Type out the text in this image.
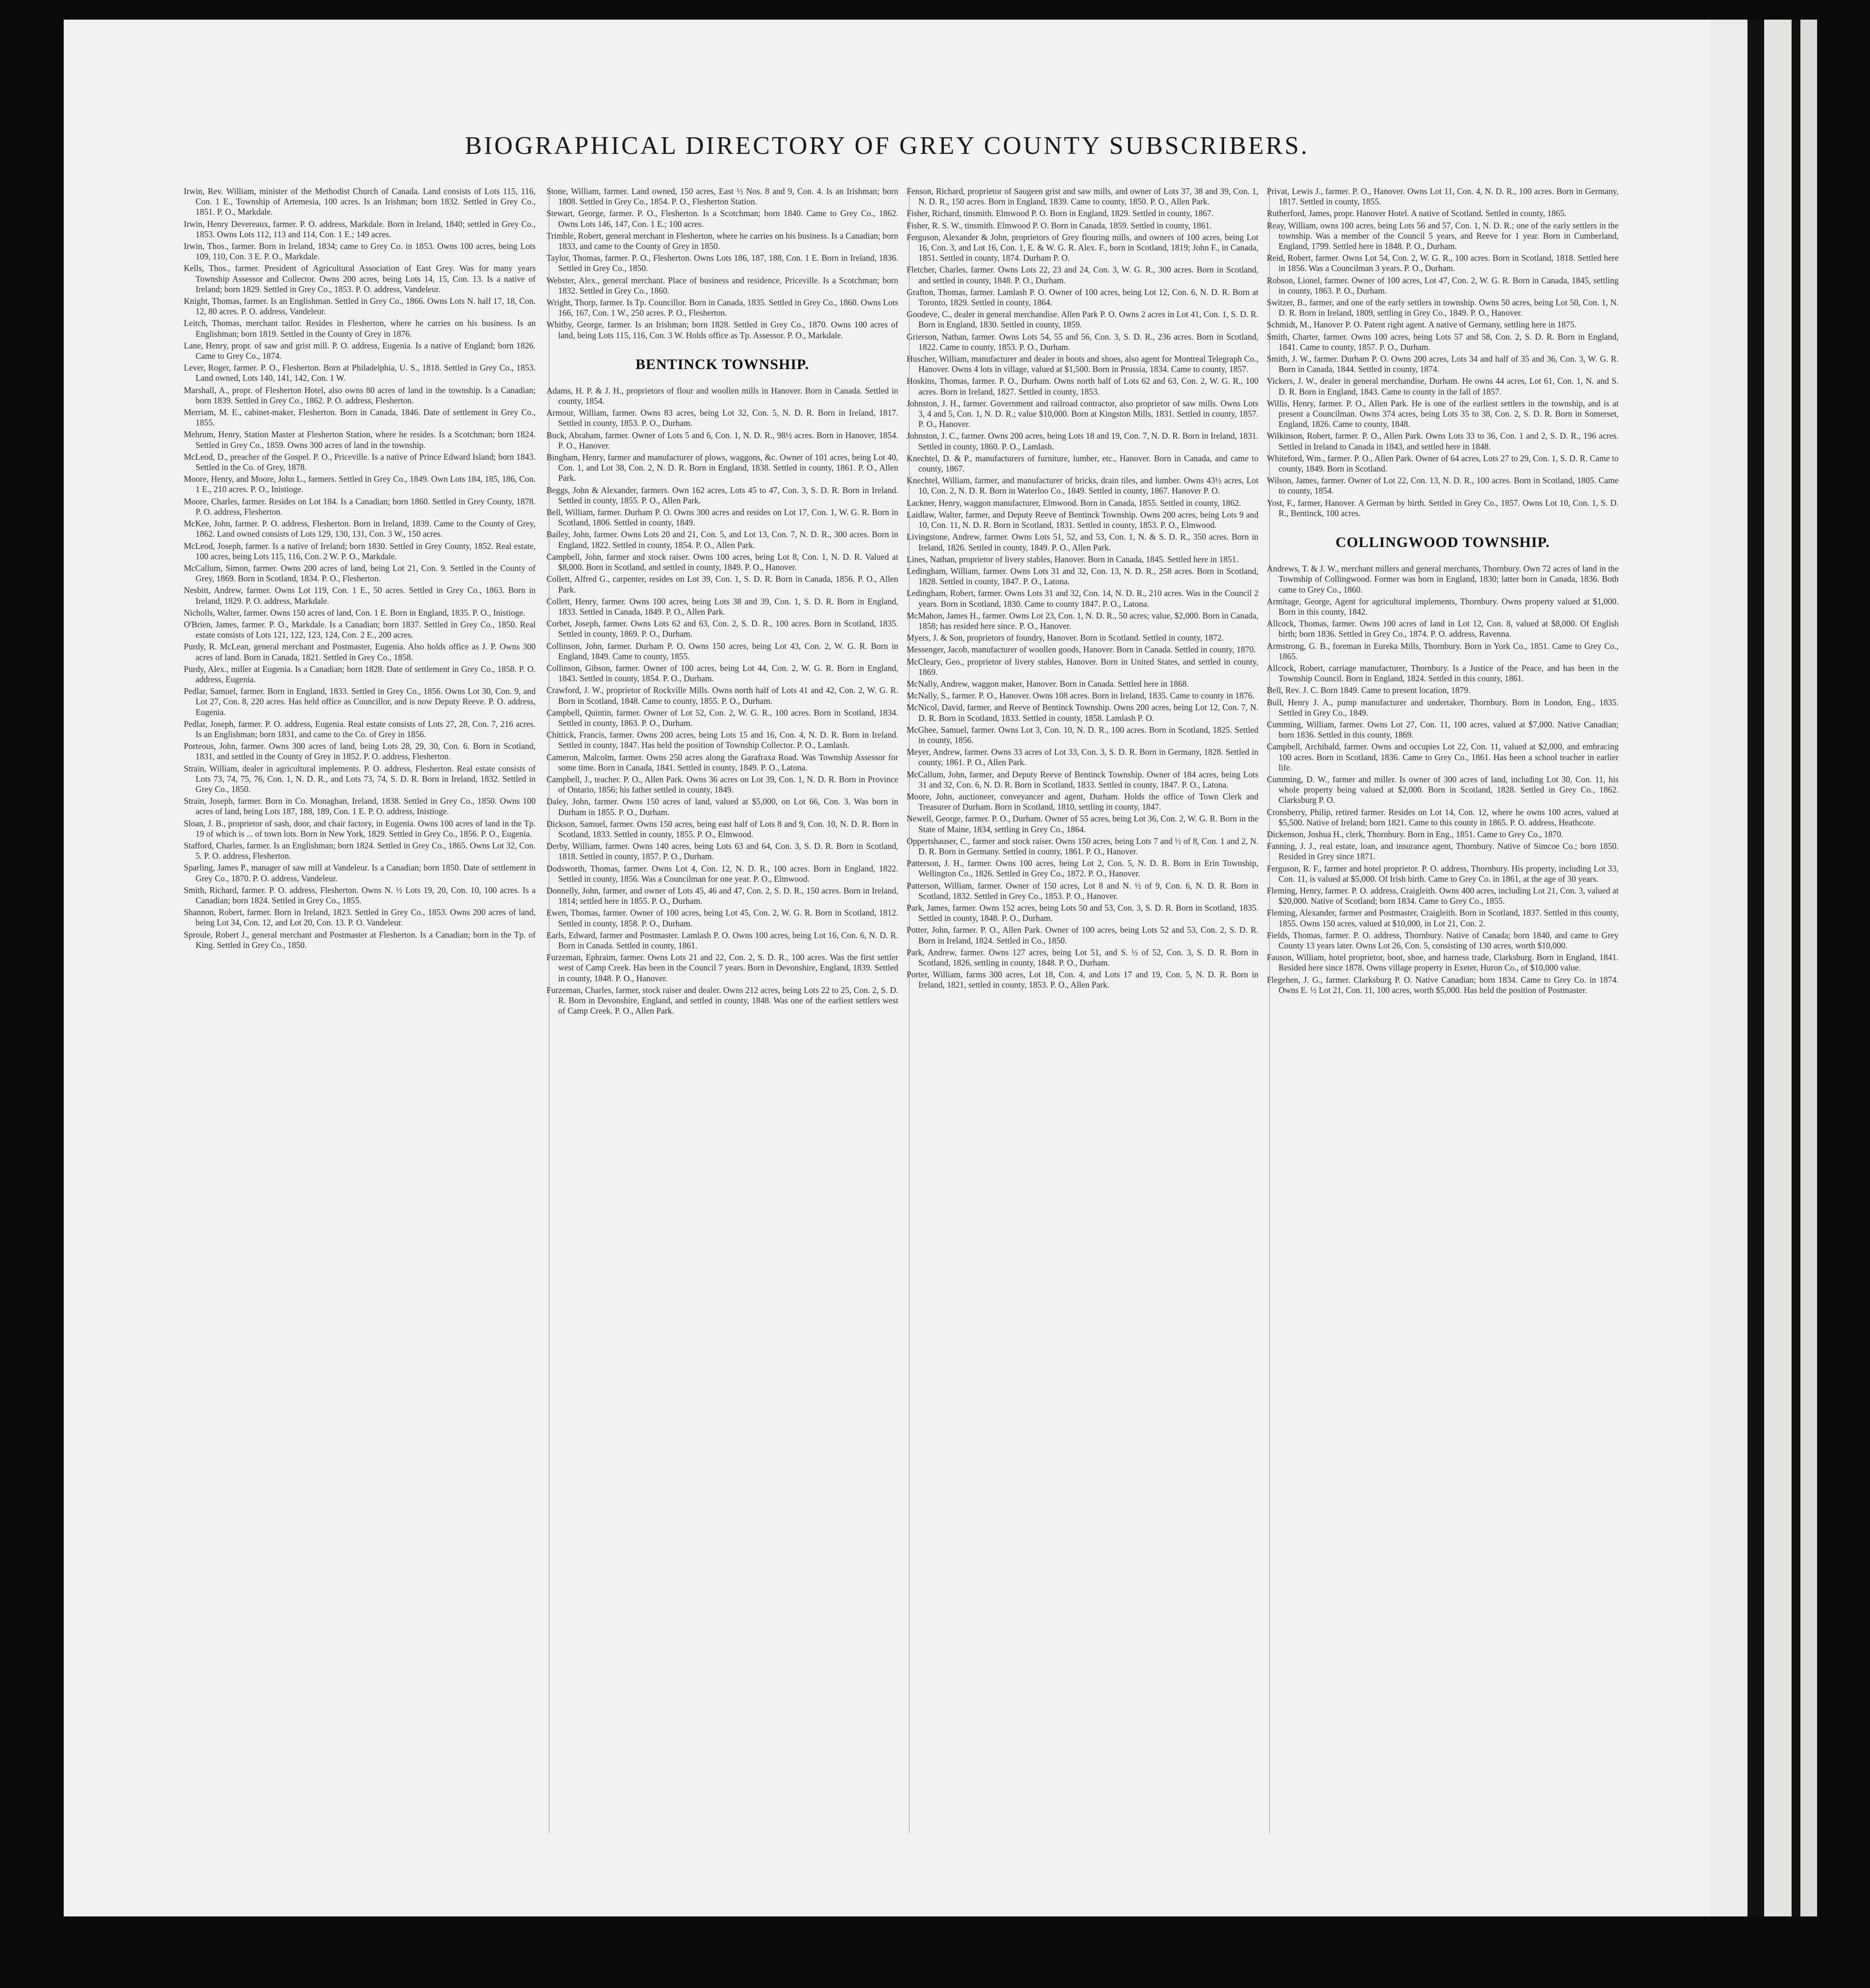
BIOGRAPHICAL DIRECTORY OF GREY COUNTY SUBSCRIBERS.

Irwin, Rev. William, minister of the Methodist Church of Canada. Land consists of Lots 115, 116, Con. 1 E., Township of Artemesia, 100 acres. Is an Irishman; born 1832. Settled in Grey Co., 1851. P. O., Markdale.

Irwin, Henry Devereaux, farmer. P. O. address, Markdale. Born in Ireland, 1840; settled in Grey Co., 1853. Owns Lots 112, 113 and 114, Con. 1 E.; 149 acres.

Irwin, Thos., farmer. Born in Ireland, 1834; came to Grey Co. in 1853. Owns 100 acres, being Lots 109, 110, Con. 3 E. P. O., Markdale.

Kells, Thos., farmer. President of Agricultural Association of East Grey. Was for many years Township Assessor and Collector. Owns 200 acres, being Lots 14, 15, Con. 13. Is a native of Ireland; born 1829. Settled in Grey Co., 1853. P. O. address, Vandeleur.

Knight, Thomas, farmer. Is an Englishman. Settled in Grey Co., 1866. Owns Lots N. half 17, 18, Con. 12, 80 acres. P. O. address, Vandeleur.

Leitch, Thomas, merchant tailor. Resides in Flesherton, where he carries on his business. Is an Englishman; born 1819. Settled in the County of Grey in 1876.

Lane, Henry, propr. of saw and grist mill. P. O. address, Eugenia. Is a native of England; born 1826. Came to Grey Co., 1874.

Lever, Roger, farmer. P. O., Flesherton. Born at Philadelphia, U. S., 1818. Settled in Grey Co., 1853. Land owned, Lots 140, 141, 142, Con. 1 W.

Marshall, A., propr. of Flesherton Hotel, also owns 80 acres of land in the township. Is a Canadian; born 1839. Settled in Grey Co., 1862. P. O. address, Flesherton.

Merriam, M. E., cabinet-maker, Flesherton. Born in Canada, 1846. Date of settlement in Grey Co., 1855.

Mehrum, Henry, Station Master at Flesherton Station, where he resides. Is a Scotchman; born 1824. Settled in Grey Co., 1859. Owns 300 acres of land in the township.

McLeod, D., preacher of the Gospel. P. O., Priceville. Is a native of Prince Edward Island; born 1843. Settled in the Co. of Grey, 1878.

Moore, Henry, and Moore, John L., farmers. Settled in Grey Co., 1849. Own Lots 184, 185, 186, Con. 1 E., 210 acres. P. O., Inistioge.

Moore, Charles, farmer. Resides on Lot 184. Is a Canadian; born 1860. Settled in Grey County, 1878. P. O. address, Flesherton.

McKee, John, farmer. P. O. address, Flesherton. Born in Ireland, 1839. Came to the County of Grey, 1862. Land owned consists of Lots 129, 130, 131, Con. 3 W., 150 acres.

McLeod, Joseph, farmer. Is a native of Ireland; born 1830. Settled in Grey County, 1852. Real estate, 100 acres, being Lots 115, 116, Con. 2 W. P. O., Markdale.

McCallum, Simon, farmer. Owns 200 acres of land, being Lot 21, Con. 9. Settled in the County of Grey, 1869. Born in Scotland, 1834. P. O., Flesherton.

Nesbitt, Andrew, farmer. Owns Lot 119, Con. 1 E., 50 acres. Settled in Grey Co., 1863. Born in Ireland, 1829. P. O. address, Markdale.

Nicholls, Walter, farmer. Owns 150 acres of land, Con. 1 E. Born in England, 1835. P. O., Inistioge.

O'Brien, James, farmer. P. O., Markdale. Is a Canadian; born 1837. Settled in Grey Co., 1850. Real estate consists of Lots 121, 122, 123, 124, Con. 2 E., 200 acres.

Purdy, R. McLean, general merchant and Postmaster, Eugenia. Also holds office as J. P. Owns 300 acres of land. Born in Canada, 1821. Settled in Grey Co., 1858.

Purdy, Alex., miller at Eugenia. Is a Canadian; born 1828. Date of settlement in Grey Co., 1858. P. O. address, Eugenia.

Pedlar, Samuel, farmer. Born in England, 1833. Settled in Grey Co., 1856. Owns Lot 30, Con. 9, and Lot 27, Con. 8, 220 acres. Has held office as Councillor, and is now Deputy Reeve. P. O. address, Eugenia.

Pedlar, Joseph, farmer. P. O. address, Eugenia. Real estate consists of Lots 27, 28, Con. 7, 216 acres. Is an Englishman; born 1831, and came to the Co. of Grey in 1856.

Porteous, John, farmer. Owns 300 acres of land, being Lots 28, 29, 30, Con. 6. Born in Scotland, 1831, and settled in the County of Grey in 1852. P. O. address, Flesherton.

Strain, William, dealer in agricultural implements. P. O. address, Flesherton. Real estate consists of Lots 73, 74, 75, 76, Con. 1, N. D. R., and Lots 73, 74, S. D. R. Born in Ireland, 1832. Settled in Grey Co., 1850.

Strain, Joseph, farmer. Born in Co. Monaghan, Ireland, 1838. Settled in Grey Co., 1850. Owns 100 acres of land, being Lots 187, 188, 189, Con. 1 E. P. O. address, Inistioge.

Sloan, J. B., proprietor of sash, door, and chair factory, in Eugenia. Owns 100 acres of land in the Tp. 19 of which is ... of town lots. Born in New York, 1829. Settled in Grey Co., 1856. P. O., Eugenia.

Stafford, Charles, farmer. Is an Englishman; born 1824. Settled in Grey Co., 1865. Owns Lot 32, Con. 5. P. O. address, Flesherton.

Sparling, James P., manager of saw mill at Vandeleur. Is a Canadian; born 1850. Date of settlement in Grey Co., 1870. P. O. address, Vandeleur.

Smith, Richard, farmer. P. O. address, Flesherton. Owns N. ½ Lots 19, 20, Con. 10, 100 acres. Is a Canadian; born 1824. Settled in Grey Co., 1855.

Shannon, Robert, farmer. Born in Ireland, 1823. Settled in Grey Co., 1853. Owns 200 acres of land, being Lot 34, Con. 12, and Lot 20, Con. 13. P. O. Vandeleur.

Sproule, Robert J., general merchant and Postmaster at Flesherton. Is a Canadian; born in the Tp. of King. Settled in Grey Co., 1850.

Stone, William, farmer. Land owned, 150 acres, East ½ Nos. 8 and 9, Con. 4. Is an Irishman; born 1808. Settled in Grey Co., 1854. P. O., Flesherton Station.

Stewart, George, farmer. P. O., Flesherton. Is a Scotchman; born 1840. Came to Grey Co., 1862. Owns Lots 146, 147, Con. 1 E.; 100 acres.

Trimble, Robert, general merchant in Flesherton, where he carries on his business. Is a Canadian; born 1833, and came to the County of Grey in 1850.

Taylor, Thomas, farmer. P. O., Flesherton. Owns Lots 186, 187, 188, Con. 1 E. Born in Ireland, 1836. Settled in Grey Co., 1850.

Webster, Alex., general merchant. Place of business and residence, Priceville. Is a Scotchman; born 1832. Settled in Grey Co., 1860.

Wright, Thorp, farmer. Is Tp. Councillor. Born in Canada, 1835. Settled in Grey Co., 1860. Owns Lots 166, 167, Con. 1 W., 250 acres. P. O., Flesherton.

Whitby, George, farmer. Is an Irishman; born 1828. Settled in Grey Co., 1870. Owns 100 acres of land, being Lots 115, 116, Con. 3 W. Holds office as Tp. Assessor. P. O., Markdale.

BENTINCK TOWNSHIP.

Adams, H. P. & J. H., proprietors of flour and woollen mills in Hanover. Born in Canada. Settled in county, 1854.

Armour, William, farmer. Owns 83 acres, being Lot 32, Con. 5, N. D. R. Born in Ireland, 1817. Settled in county, 1853. P. O., Durham.

Buck, Abraham, farmer. Owner of Lots 5 and 6, Con. 1, N. D. R., 98½ acres. Born in Hanover, 1854. P. O., Hanover.

Bingham, Henry, farmer and manufacturer of plows, waggons, &c. Owner of 101 acres, being Lot 40, Con. 1, and Lot 38, Con. 2, N. D. R. Born in England, 1838. Settled in county, 1861. P. O., Allen Park.

Beggs, John & Alexander, farmers. Own 162 acres, Lots 45 to 47, Con. 3, S. D. R. Born in Ireland. Settled in county, 1855. P. O., Allen Park.

Bell, William, farmer. Durham P. O. Owns 300 acres and resides on Lot 17, Con. 1, W. G. R. Born in Scotland, 1806. Settled in county, 1849.

Bailey, John, farmer. Owns Lots 20 and 21, Con. 5, and Lot 13, Con. 7, N. D. R., 300 acres. Born in England, 1822. Settled in county, 1854. P. O., Allen Park.

Campbell, John, farmer and stock raiser. Owns 100 acres, being Lot 8, Con. 1, N. D. R. Valued at $8,000. Born in Scotland, and settled in county, 1849. P. O., Hanover.

Collett, Alfred G., carpenter, resides on Lot 39, Con. 1, S. D. R. Born in Canada, 1856. P. O., Allen Park.

Collett, Henry, farmer. Owns 100 acres, being Lots 38 and 39, Con. 1, S. D. R. Born in England, 1833. Settled in Canada, 1849. P. O., Allen Park.

Corbet, Joseph, farmer. Owns Lots 62 and 63, Con. 2, S. D. R., 100 acres. Born in Scotland, 1835. Settled in county, 1869. P. O., Durham.

Collinson, John, farmer. Durham P. O. Owns 150 acres, being Lot 43, Con. 2, W. G. R. Born in England, 1849. Came to county, 1855.

Collinson, Gibson, farmer. Owner of 100 acres, being Lot 44, Con. 2, W. G. R. Born in England, 1843. Settled in county, 1854. P. O., Durham.

Crawford, J. W., proprietor of Rockville Mills. Owns north half of Lots 41 and 42, Con. 2, W. G. R. Born in Scotland, 1848. Came to county, 1855. P. O., Durham.

Campbell, Quintin, farmer. Owner of Lot 52, Con. 2, W. G. R., 100 acres. Born in Scotland, 1834. Settled in county, 1863. P. O., Durham.

Chittick, Francis, farmer. Owns 200 acres, being Lots 15 and 16, Con. 4, N. D. R. Born in Ireland. Settled in county, 1847. Has held the position of Township Collector. P. O., Lamlash.

Cameron, Malcolm, farmer. Owns 250 acres along the Garafraxa Road. Was Township Assessor for some time. Born in Canada, 1841. Settled in county, 1849. P. O., Latona.

Campbell, J., teacher. P. O., Allen Park. Owns 36 acres on Lot 39, Con. 1, N. D. R. Born in Province of Ontario, 1856; his father settled in county, 1849.

Daley, John, farmer. Owns 150 acres of land, valued at $5,000, on Lot 66, Con. 3. Was born in Durham in 1855. P. O., Durham.

Dickson, Samuel, farmer. Owns 150 acres, being east half of Lots 8 and 9, Con. 10, N. D. R. Born in Scotland, 1833. Settled in county, 1855. P. O., Elmwood.

Derby, William, farmer. Owns 140 acres, being Lots 63 and 64, Con. 3, S. D. R. Born in Scotland, 1818. Settled in county, 1857. P. O., Durham.

Dodsworth, Thomas, farmer. Owns Lot 4, Con. 12, N. D. R., 100 acres. Born in England, 1822. Settled in county, 1856. Was a Councilman for one year. P. O., Elmwood.

Donnelly, John, farmer, and owner of Lots 45, 46 and 47, Con. 2, S. D. R., 150 acres. Born in Ireland, 1814; settled here in 1855. P. O., Durham.

Ewen, Thomas, farmer. Owner of 100 acres, being Lot 45, Con. 2, W. G. R. Born in Scotland, 1812. Settled in county, 1858. P. O., Durham.

Earls, Edward, farmer and Postmaster. Lamlash P. O. Owns 100 acres, being Lot 16, Con. 6, N. D. R. Born in Canada. Settled in county, 1861.

Furzeman, Ephraim, farmer. Owns Lots 21 and 22, Con. 2, S. D. R., 100 acres. Was the first settler west of Camp Creek. Has been in the Council 7 years. Born in Devonshire, England, 1839. Settled in county, 1848. P. O., Hanover.

Furzeman, Charles, farmer, stock raiser and dealer. Owns 212 acres, being Lots 22 to 25, Con. 2, S. D. R. Born in Devonshire, England, and settled in county, 1848. Was one of the earliest settlers west of Camp Creek. P. O., Allen Park.

Fenson, Richard, proprietor of Saugeen grist and saw mills, and owner of Lots 37, 38 and 39, Con. 1, N. D. R., 150 acres. Born in England, 1839. Came to county, 1850. P. O., Allen Park.

Fisher, Richard, tinsmith. Elmwood P. O. Born in England, 1829. Settled in county, 1867.

Fisher, R. S. W., tinsmith. Elmwood P. O. Born in Canada, 1859. Settled in county, 1861.

Ferguson, Alexander & John, proprietors of Grey flouring mills, and owners of 100 acres, being Lot 16, Con. 3, and Lot 16, Con. 1, E. & W. G. R. Alex. F., born in Scotland, 1819; John F., in Canada, 1851. Settled in county, 1874. Durham P. O.

Fletcher, Charles, farmer. Owns Lots 22, 23 and 24, Con. 3, W. G. R., 300 acres. Born in Scotland, and settled in county, 1848. P. O., Durham.

Grafton, Thomas, farmer. Lamlash P. O. Owner of 100 acres, being Lot 12, Con. 6, N. D. R. Born at Toronto, 1829. Settled in county, 1864.

Goodeve, C., dealer in general merchandise. Allen Park P. O. Owns 2 acres in Lot 41, Con. 1, S. D. R. Born in England, 1830. Settled in county, 1859.

Grierson, Nathan, farmer. Owns Lots 54, 55 and 56, Con. 3, S. D. R., 236 acres. Born in Scotland, 1822. Came to county, 1853. P. O., Durham.

Huscher, William, manufacturer and dealer in boots and shoes, also agent for Montreal Telegraph Co., Hanover. Owns 4 lots in village, valued at $1,500. Born in Prussia, 1834. Came to county, 1857.

Hoskins, Thomas, farmer. P. O., Durham. Owns north half of Lots 62 and 63, Con. 2, W. G. R., 100 acres. Born in Ireland, 1827. Settled in county, 1853.

Johnston, J. H., farmer. Government and railroad contractor, also proprietor of saw mills. Owns Lots 3, 4 and 5, Con. 1, N. D. R.; value $10,000. Born at Kingston Mills, 1831. Settled in county, 1857. P. O., Hanover.

Johnston, J. C., farmer. Owns 200 acres, being Lots 18 and 19, Con. 7, N. D. R. Born in Ireland, 1831. Settled in county, 1860. P. O., Lamlash.

Knechtel, D. & P., manufacturers of furniture, lumber, etc., Hanover. Born in Canada, and came to county, 1867.

Knechtel, William, farmer, and manufacturer of bricks, drain tiles, and lumber. Owns 43½ acres, Lot 10, Con. 2, N. D. R. Born in Waterloo Co., 1849. Settled in county, 1867. Hanover P. O.

Lackner, Henry, waggon manufacturer, Elmwood. Born in Canada, 1855. Settled in county, 1862.

Laidlaw, Walter, farmer, and Deputy Reeve of Bentinck Township. Owns 200 acres, being Lots 9 and 10, Con. 11, N. D. R. Born in Scotland, 1831. Settled in county, 1853. P. O., Elmwood.

Livingstone, Andrew, farmer. Owns Lots 51, 52, and 53, Con. 1, N. & S. D. R., 350 acres. Born in Ireland, 1826. Settled in county, 1849. P. O., Allen Park.

Lines, Nathan, proprietor of livery stables, Hanover. Born in Canada, 1845. Settled here in 1851.

Ledingham, William, farmer. Owns Lots 31 and 32, Con. 13, N. D. R., 258 acres. Born in Scotland, 1828. Settled in county, 1847. P. O., Latona.

Ledingham, Robert, farmer. Owns Lots 31 and 32, Con. 14, N. D. R., 210 acres. Was in the Council 2 years. Born in Scotland, 1830. Came to county 1847. P. O., Latona.

McMahon, James H., farmer. Owns Lot 23, Con. 1, N. D. R., 50 acres; value, $2,000. Born in Canada, 1858; has resided here since. P. O., Hanover.

Myers, J. & Son, proprietors of foundry, Hanover. Born in Scotland. Settled in county, 1872.

Messenger, Jacob, manufacturer of woollen goods, Hanover. Born in Canada. Settled in county, 1870.

McCleary, Geo., proprietor of livery stables, Hanover. Born in United States, and settled in county, 1869.

McNally, Andrew, waggon maker, Hanover. Born in Canada. Settled here in 1868.

McNally, S., farmer. P. O., Hanover. Owns 108 acres. Born in Ireland, 1835. Came to county in 1876.

McNicol, David, farmer, and Reeve of Bentinck Township. Owns 200 acres, being Lot 12, Con. 7, N. D. R. Born in Scotland, 1833. Settled in county, 1858. Lamlash P. O.

McGhee, Samuel, farmer. Owns Lot 3, Con. 10, N. D. R., 100 acres. Born in Scotland, 1825. Settled in county, 1856.

Meyer, Andrew, farmer. Owns 33 acres of Lot 33, Con. 3, S. D. R. Born in Germany, 1828. Settled in county, 1861. P. O., Allen Park.

McCallum, John, farmer, and Deputy Reeve of Bentinck Township. Owner of 184 acres, being Lots 31 and 32, Con. 6, N. D. R. Born in Scotland, 1833. Settled in county, 1847. P. O., Latona.

Moore, John, auctioneer, conveyancer and agent, Durham. Holds the office of Town Clerk and Treasurer of Durham. Born in Scotland, 1810, settling in county, 1847.

Newell, George, farmer. P. O., Durham. Owner of 55 acres, being Lot 36, Con. 2, W. G. R. Born in the State of Maine, 1834, settling in Grey Co., 1864.

Oppertshauser, C., farmer and stock raiser. Owns 150 acres, being Lots 7 and ½ of 8, Con. 1 and 2, N. D. R. Born in Germany. Settled in county, 1861. P. O., Hanover.

Patterson, J. H., farmer. Owns 100 acres, being Lot 2, Con. 5, N. D. R. Born in Erin Township, Wellington Co., 1826. Settled in Grey Co., 1872. P. O., Hanover.

Patterson, William, farmer. Owner of 150 acres, Lot 8 and N. ½ of 9, Con. 6, N. D. R. Born in Scotland, 1832. Settled in Grey Co., 1853. P. O., Hanover.

Park, James, farmer. Owns 152 acres, being Lots 50 and 53, Con. 3, S. D. R. Born in Scotland, 1835. Settled in county, 1848. P. O., Durham.

Potter, John, farmer. P. O., Allen Park. Owner of 100 acres, being Lots 52 and 53, Con. 2, S. D. R. Born in Ireland, 1824. Settled in Co., 1850.

Park, Andrew, farmer. Owns 127 acres, being Lot 51, and S. ½ of 52, Con. 3, S. D. R. Born in Scotland, 1826, settling in county, 1848. P. O., Durham.

Porter, William, farms 300 acres, Lot 18, Con. 4, and Lots 17 and 19, Con. 5, N. D. R. Born in Ireland, 1821, settled in county, 1853. P. O., Allen Park.

Privat, Lewis J., farmer. P. O., Hanover. Owns Lot 11, Con. 4, N. D. R., 100 acres. Born in Germany, 1817. Settled in county, 1855.

Rutherford, James, propr. Hanover Hotel. A native of Scotland. Settled in county, 1865.

Reay, William, owns 100 acres, being Lots 56 and 57, Con. 1, N. D. R.; one of the early settlers in the township. Was a member of the Council 5 years, and Reeve for 1 year. Born in Cumberland, England, 1799. Settled here in 1848. P. O., Durham.

Reid, Robert, farmer. Owns Lot 54, Con. 2, W. G. R., 100 acres. Born in Scotland, 1818. Settled here in 1856. Was a Councilman 3 years. P. O., Durham.

Robson, Lionel, farmer. Owner of 100 acres, Lot 47, Con. 2, W. G. R. Born in Canada, 1845, settling in county, 1863. P. O., Durham.

Switzer, B., farmer, and one of the early settlers in township. Owns 50 acres, being Lot 50, Con. 1, N. D. R. Born in Ireland, 1809, settling in Grey Co., 1849. P. O., Hanover.

Schmidt, M., Hanover P. O. Patent right agent. A native of Germany, settling here in 1875.

Smith, Charter, farmer. Owns 100 acres, being Lots 57 and 58, Con. 2, S. D. R. Born in England, 1841. Came to county, 1857. P. O., Durham.

Smith, J. W., farmer. Durham P. O. Owns 200 acres, Lots 34 and half of 35 and 36, Con. 3, W. G. R. Born in Canada, 1844. Settled in county, 1874.

Vickers, J. W., dealer in general merchandise, Durham. He owns 44 acres, Lot 61, Con. 1, N. and S. D. R. Born in England, 1843. Came to county in the fall of 1857.

Willis, Henry, farmer. P. O., Allen Park. He is one of the earliest settlers in the township, and is at present a Councilman. Owns 374 acres, being Lots 35 to 38, Con. 2, S. D. R. Born in Somerset, England, 1826. Came to county, 1848.

Wilkinson, Robert, farmer. P. O., Allen Park. Owns Lots 33 to 36, Con. 1 and 2, S. D. R., 196 acres. Settled in Ireland to Canada in 1843, and settled here in 1848.

Whiteford, Wm., farmer. P. O., Allen Park. Owner of 64 acres, Lots 27 to 29, Con. 1, S. D. R. Came to county, 1849. Born in Scotland.

Wilson, James, farmer. Owner of Lot 22, Con. 13, N. D. R., 100 acres. Born in Scotland, 1805. Came to county, 1854.

Yost, F., farmer, Hanover. A German by birth. Settled in Grey Co., 1857. Owns Lot 10, Con. 1, S. D. R., Bentinck, 100 acres.

COLLINGWOOD TOWNSHIP.

Andrews, T. & J. W., merchant millers and general merchants, Thornbury. Own 72 acres of land in the Township of Collingwood. Former was born in England, 1830; latter born in Canada, 1836. Both came to Grey Co., 1860.

Armitage, George, Agent for agricultural implements, Thornbury. Owns property valued at $1,000. Born in this county, 1842.

Allcock, Thomas, farmer. Owns 100 acres of land in Lot 12, Con. 8, valued at $8,000. Of English birth; born 1836. Settled in Grey Co., 1874. P. O. address, Ravenna.

Armstrong, G. B., foreman in Eureka Mills, Thornbury. Born in York Co., 1851. Came to Grey Co., 1865.

Allcock, Robert, carriage manufacturer, Thornbury. Is a Justice of the Peace, and has been in the Township Council. Born in England, 1824. Settled in this county, 1861.

Bell, Rev. J. C. Born 1849. Came to present location, 1879.

Bull, Henry J. A., pump manufacturer and undertaker, Thornbury. Born in London, Eng., 1835. Settled in Grey Co., 1849.

Cumming, William, farmer. Owns Lot 27, Con. 11, 100 acres, valued at $7,000. Native Canadian; born 1836. Settled in this county, 1869.

Campbell, Archibald, farmer. Owns and occupies Lot 22, Con. 11, valued at $2,000, and embracing 100 acres. Born in Scotland, 1836. Came to Grey Co., 1861. Has been a school teacher in earlier life.

Cumming, D. W., farmer and miller. Is owner of 300 acres of land, including Lot 30, Con. 11, his whole property being valued at $2,000. Born in Scotland, 1828. Settled in Grey Co., 1862. Clarksburg P. O.

Cronsberry, Philip, retired farmer. Resides on Lot 14, Con. 12, where he owns 100 acres, valued at $5,500. Native of Ireland; born 1821. Came to this county in 1865. P. O. address, Heathcote.

Dickenson, Joshua H., clerk, Thornbury. Born in Eng., 1851. Came to Grey Co., 1870.

Fanning, J. J., real estate, loan, and insurance agent, Thornbury. Native of Simcoe Co.; born 1850. Resided in Grey since 1871.

Ferguson, R. F., farmer and hotel proprietor. P. O. address, Thornbury. His property, including Lot 33, Con. 11, is valued at $5,000. Of Irish birth. Came to Grey Co. in 1861, at the age of 30 years.

Fleming, Henry, farmer. P. O. address, Craigleith. Owns 400 acres, including Lot 21, Con. 3, valued at $20,000. Native of Scotland; born 1834. Came to Grey Co., 1855.

Fleming, Alexander, farmer and Postmaster, Craigleith. Born in Scotland, 1837. Settled in this county, 1855. Owns 150 acres, valued at $10,000, in Lot 21, Con. 2.

Fields, Thomas, farmer. P. O. address, Thornbury. Native of Canada; born 1840, and came to Grey County 13 years later. Owns Lot 26, Con. 5, consisting of 130 acres, worth $10,000.

Fauson, William, hotel proprietor, boot, shoe, and harness trade, Clarksburg. Born in England, 1841. Resided here since 1878. Owns village property in Exeter, Huron Co., of $10,000 value.

Flegehen, J. G., farmer. Clarksburg P. O. Native Canadian; born 1834. Came to Grey Co. in 1874. Owns E. ½ Lot 21, Con. 11, 100 acres, worth $5,000. Has held the position of Postmaster.
